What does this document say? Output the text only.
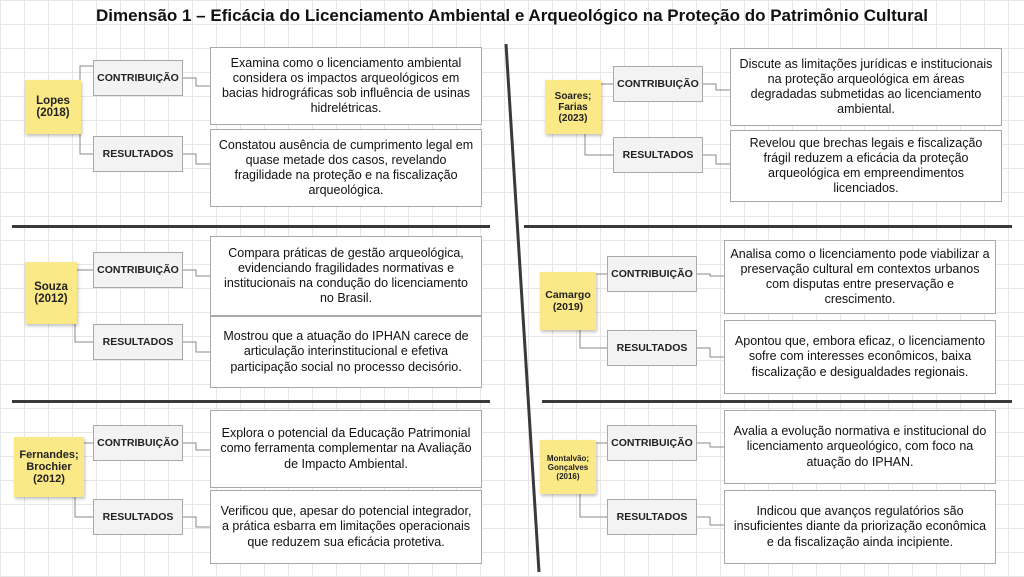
Dimensão 1 – Eficácia do Licenciamento Ambiental e Arqueológico na Proteção do Patrimônio Cultural
Lopes
(2018)
CONTRIBUIÇÃO
Examina como o licenciamento ambiental considera os impactos arqueológicos em bacias hidrográficas sob influência de usinas hidrelétricas.
RESULTADOS
Constatou ausência de cumprimento legal em quase metade dos casos, revelando fragilidade na proteção e na fiscalização arqueológica.
Souza
(2012)
CONTRIBUIÇÃO
Compara práticas de gestão arqueológica, evidenciando fragilidades normativas e institucionais na condução do licenciamento no Brasil.
RESULTADOS	Mostrou que a atuação do IPHAN carece de articulação interinstitucional e efetiva participação social no processo decisório.
Fernandes;
Brochier
(2012)
CONTRIBUIÇÃO
Explora o potencial da Educação Patrimonial como ferramenta complementar na Avaliação de Impacto Ambiental.
RESULTADOS	Verificou que, apesar do potencial integrador, a prática esbarra em limitações operacionais que reduzem sua eficácia protetiva.
Soares;
Farias
(2023)
CONTRIBUIÇÃO
Discute as limitações jurídicas e institucionais na proteção arqueológica em áreas degradadas submetidas ao licenciamento ambiental.
RESULTADOS
Revelou que brechas legais e fiscalização frágil reduzem a eficácia da proteção arqueológica em empreendimentos licenciados.
Camargo
(2019)
CONTRIBUIÇÃO
Analisa como o licenciamento pode viabilizar a preservação cultural em contextos urbanos com disputas entre preservação e crescimento.
RESULTADOS	Apontou que, embora eficaz, o licenciamento sofre com interesses econômicos, baixa fiscalização e desigualdades regionais.
Montalvão;
Gonçalves
(2016)
CONTRIBUIÇÃO
Avalia a evolução normativa e institucional do licenciamento arqueológico, com foco na atuação do IPHAN.
RESULTADOS	Indicou que avanços regulatórios são insuficientes diante da priorização econômica e da fiscalização ainda incipiente.
